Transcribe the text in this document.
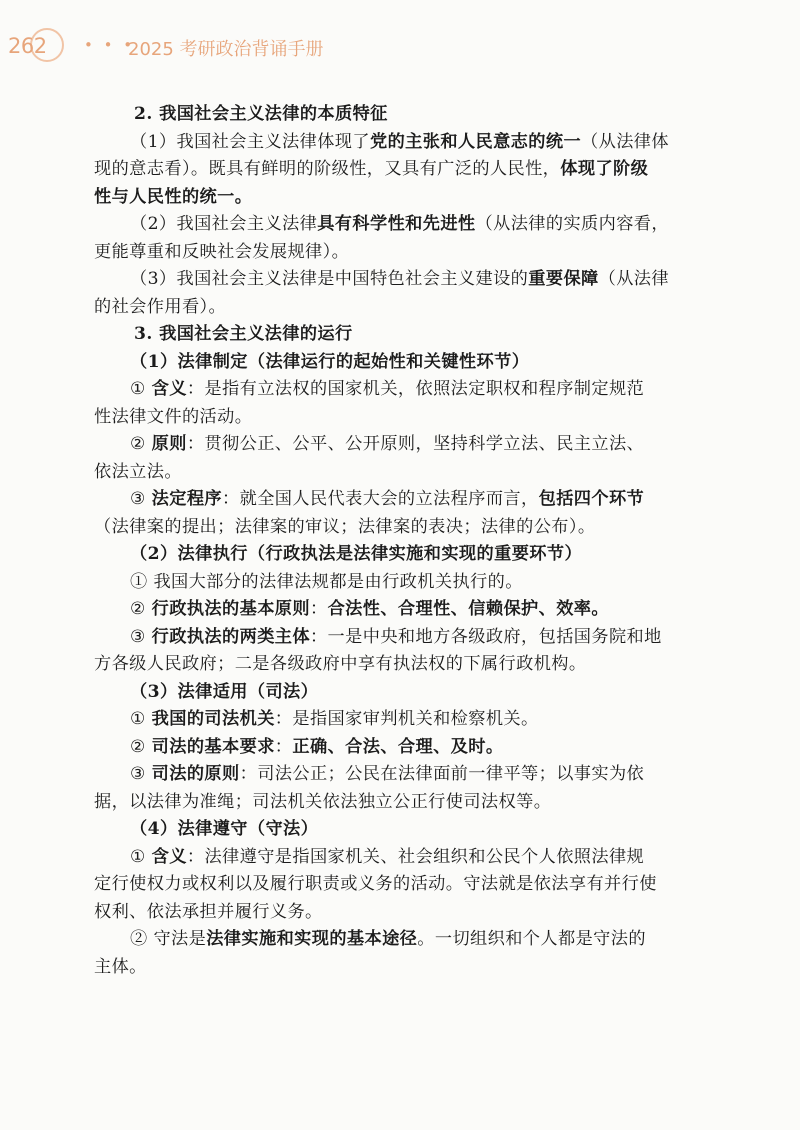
262 • • •
2025 考研政治背诵手册
2. 我国社会主义法律的本质特征
（1）我国社会主义法律体现了党的主张和人民意志的统一（从法律体
现的意志看）。既具有鲜明的阶级性，又具有广泛的人民性，体现了阶级
性与人民性的统一。
（2）我国社会主义法律具有科学性和先进性（从法律的实质内容看，
更能尊重和反映社会发展规律）。
（3）我国社会主义法律是中国特色社会主义建设的重要保障（从法律
的社会作用看）。
3. 我国社会主义法律的运行
（1）法律制定（法律运行的起始性和关键性环节）
① 含义：是指有立法权的国家机关，依照法定职权和程序制定规范
性法律文件的活动。
② 原则：贯彻公正、公平、公开原则，坚持科学立法、民主立法、
依法立法。
③ 法定程序：就全国人民代表大会的立法程序而言，包括四个环节
（法律案的提出；法律案的审议；法律案的表决；法律的公布）。
（2）法律执行（行政执法是法律实施和实现的重要环节）
① 我国大部分的法律法规都是由行政机关执行的。
② 行政执法的基本原则：合法性、合理性、信赖保护、效率。
③ 行政执法的两类主体：一是中央和地方各级政府，包括国务院和地
方各级人民政府；二是各级政府中享有执法权的下属行政机构。
（3）法律适用（司法）
① 我国的司法机关：是指国家审判机关和检察机关。
② 司法的基本要求：正确、合法、合理、及时。
③ 司法的原则：司法公正；公民在法律面前一律平等；以事实为依
据，以法律为准绳；司法机关依法独立公正行使司法权等。
（4）法律遵守（守法）
① 含义：法律遵守是指国家机关、社会组织和公民个人依照法律规
定行使权力或权利以及履行职责或义务的活动。守法就是依法享有并行使
权利、依法承担并履行义务。
② 守法是法律实施和实现的基本途径。一切组织和个人都是守法的
主体。
